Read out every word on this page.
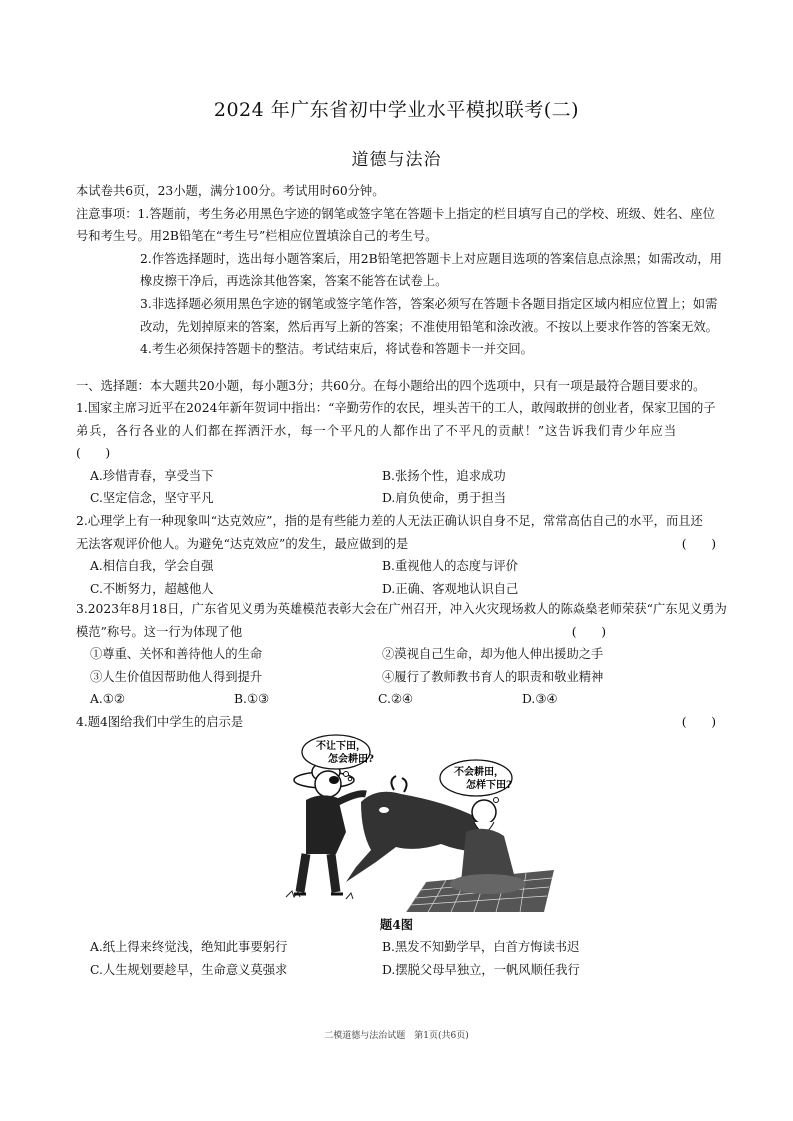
2024 年广东省初中学业水平模拟联考(二)
道德与法治
本试卷共6页，23小题，满分100分。考试用时60分钟。
注意事项：1.答题前，考生务必用黑色字迹的钢笔或签字笔在答题卡上指定的栏目填写自己的学校、班级、姓名、座位
号和考生号。用2B铅笔在“考生号”栏相应位置填涂自己的考生号。
2.作答选择题时，选出每小题答案后，用2B铅笔把答题卡上对应题目选项的答案信息点涂黑；如需改动，用
橡皮擦干净后，再选涂其他答案，答案不能答在试卷上。
3.非选择题必须用黑色字迹的钢笔或签字笔作答，答案必须写在答题卡各题目指定区域内相应位置上；如需
改动，先划掉原来的答案，然后再写上新的答案；不准使用铅笔和涂改液。不按以上要求作答的答案无效。
4.考生必须保持答题卡的整洁。考试结束后，将试卷和答题卡一并交回。
一、选择题：本大题共20小题，每小题3分；共60分。在每小题给出的四个选项中，只有一项是最符合题目要求的。
1.国家主席习近平在2024年新年贺词中指出：“辛勤劳作的农民，埋头苦干的工人，敢闯敢拼的创业者，保家卫国的子
弟兵，各行各业的人们都在挥洒汗水，每一个平凡的人都作出了不平凡的贡献！”这告诉我们青少年应当
(　　)
A.珍惜青春，享受当下	B.张扬个性，追求成功
C.坚定信念，坚守平凡	D.肩负使命，勇于担当
2.心理学上有一种现象叫“达克效应”，指的是有些能力差的人无法正确认识自身不足，常常高估自己的水平，而且还
无法客观评价他人。为避免“达克效应”的发生，最应做到的是	(　　)
A.相信自我，学会自强	B.重视他人的态度与评价
C.不断努力，超越他人	D.正确、客观地认识自己
3.2023年8月18日，广东省见义勇为英雄模范表彰大会在广州召开，冲入火灾现场救人的陈焱燊老师荣获“广东见义勇为
模范”称号。这一行为体现了他	(　　)
①尊重、关怀和善待他人的生命	②漠视自己生命，却为他人伸出援助之手
③人生价值因帮助他人得到提升	④履行了教师教书育人的职责和敬业精神
A.①②	B.①③	C.②④	D.③④
4.题4图给我们中学生的启示是	(　　)
不让下田，
怎会耕田?
不会耕田，
怎样下田?
题4图
A.纸上得来终觉浅，绝知此事要躬行	B.黑发不知勤学早，白首方悔读书迟
C.人生规划要趁早，生命意义莫强求	D.摆脱父母早独立，一帆风顺任我行
二模道德与法治试题　第1页(共6页)
